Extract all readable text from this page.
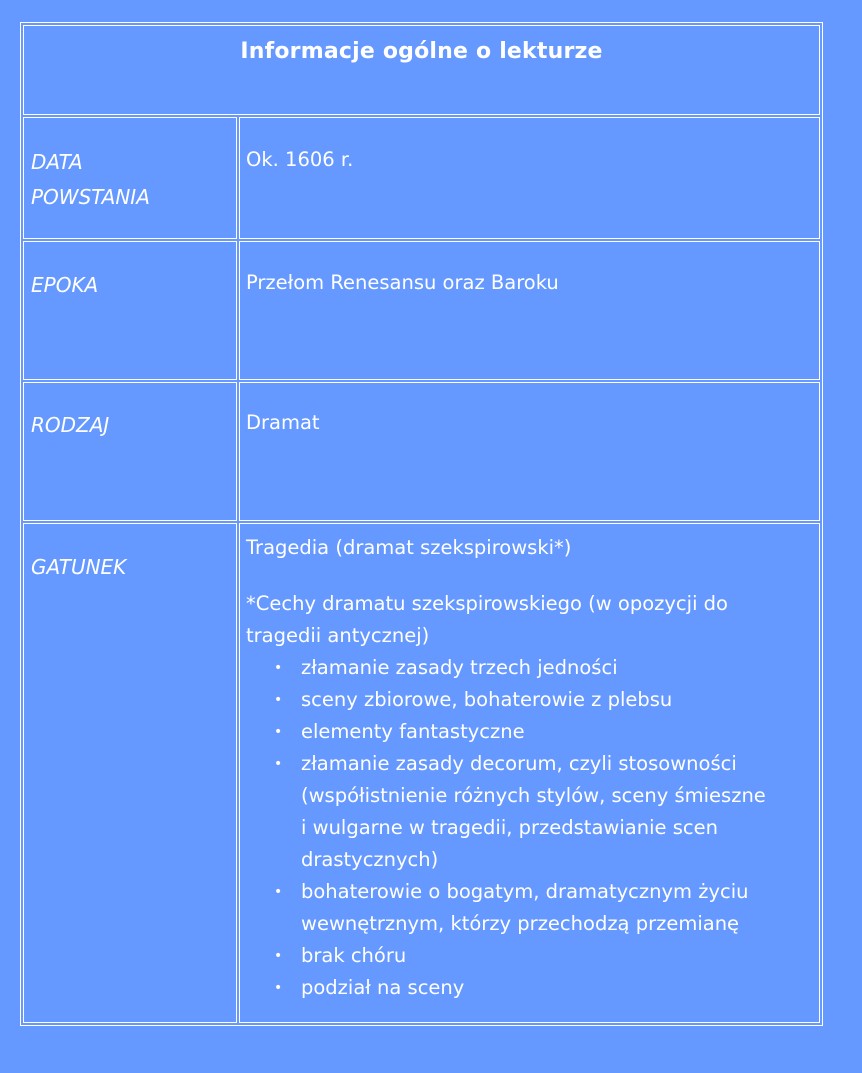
Informacje ogólne o lekturze
DATA
POWSTANIA
Ok. 1606 r.
EPOKA	Przełom Renesansu oraz Baroku
RODZAJ	Dramat
GATUNEK

Tragedia (dramat szekspirowski*)

*Cechy dramatu szekspirowskiego (w opozycji do
tragedii antycznej)

• złamanie zasady trzech jedności
• sceny zbiorowe, bohaterowie z plebsu
• elementy fantastyczne
• złamanie zasady decorum, czyli stosowności
(współistnienie różnych stylów, sceny śmieszne
i wulgarne w tragedii, przedstawianie scen
drastycznych)
• bohaterowie o bogatym, dramatycznym życiu
wewnętrznym, którzy przechodzą przemianę
• brak chóru
• podział na sceny
